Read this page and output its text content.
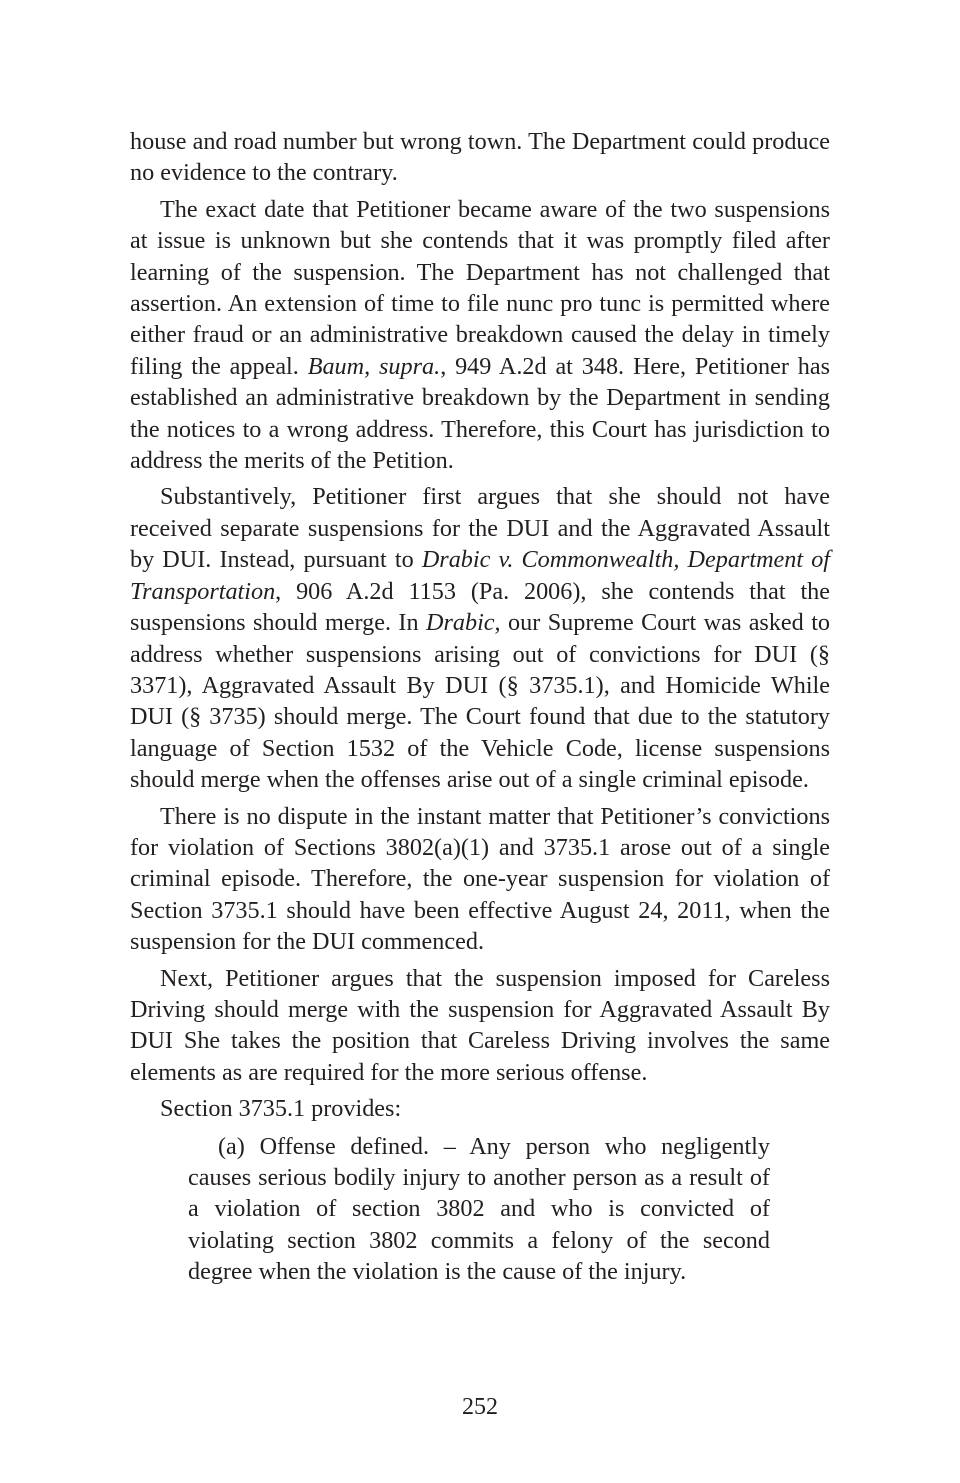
house and road number but wrong town. The Department could produce no evidence to the contrary.

The exact date that Petitioner became aware of the two suspensions at issue is unknown but she contends that it was promptly filed after learning of the suspension. The Department has not challenged that assertion. An extension of time to file nunc pro tunc is permitted where either fraud or an administrative breakdown caused the delay in timely filing the appeal. Baum, supra., 949 A.2d at 348. Here, Petitioner has established an administrative breakdown by the Department in sending the notices to a wrong address. Therefore, this Court has jurisdiction to address the merits of the Petition.

Substantively, Petitioner first argues that she should not have received separate suspensions for the DUI and the Aggravated Assault by DUI. Instead, pursuant to Drabic v. Commonwealth, Department of Transportation, 906 A.2d 1153 (Pa. 2006), she contends that the suspensions should merge. In Drabic, our Supreme Court was asked to address whether suspensions arising out of convictions for DUI (§ 3371), Aggravated Assault By DUI (§ 3735.1), and Homicide While DUI (§ 3735) should merge. The Court found that due to the statutory language of Section 1532 of the Vehicle Code, license suspensions should merge when the offenses arise out of a single criminal episode.

There is no dispute in the instant matter that Petitioner’s convictions for violation of Sections 3802(a)(1) and 3735.1 arose out of a single criminal episode. Therefore, the one-year suspension for violation of Section 3735.1 should have been effective August 24, 2011, when the suspension for the DUI commenced.

Next, Petitioner argues that the suspension imposed for Careless Driving should merge with the suspension for Aggravated Assault By DUI She takes the position that Careless Driving involves the same elements as are required for the more serious offense.

Section 3735.1 provides:

(a) Offense defined. – Any person who negligently causes serious bodily injury to another person as a result of a violation of section 3802 and who is convicted of violating section 3802 commits a felony of the second degree when the violation is the cause of the injury.

252
